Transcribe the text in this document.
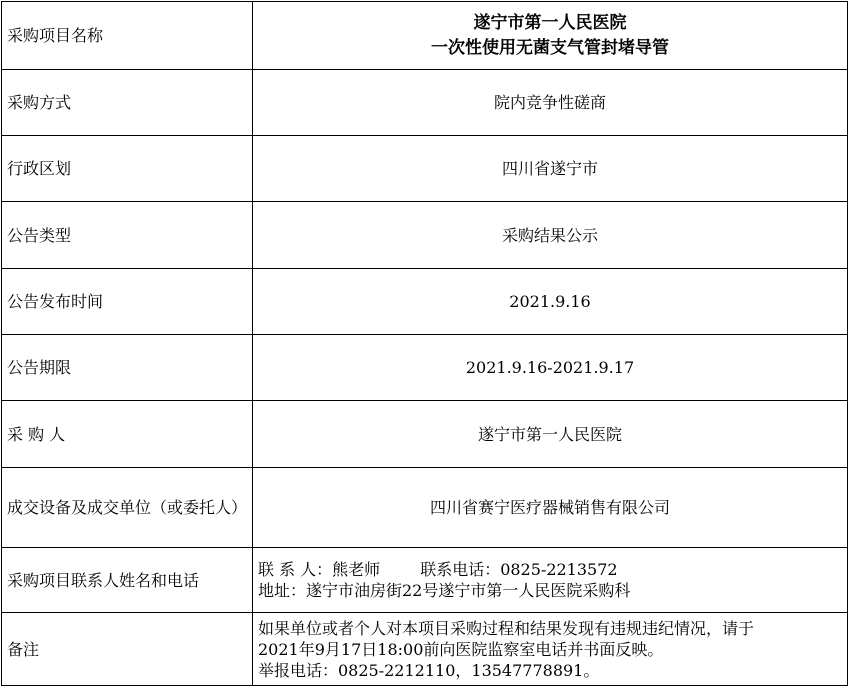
采购项目名称	遂宁市第一人民医院
一次性使用无菌支气管封堵导管

采购方式	院内竞争性磋商
行政区划	四川省遂宁市
公告类型	采购结果公示
公告发布时间	2021.9.16
公告期限	2021.9.16-2021.9.17
采 购 人	遂宁市第一人民医院
成交设备及成交单位（或委托人）	四川省赛宁医疗器械销售有限公司
采购项目联系人姓名和电话	联 系 人：熊老师 联系电话：0825-2213572
地址：遂宁市油房街22号遂宁市第一人民医院采购科

备注	如果单位或者个人对本项目采购过程和结果发现有违规违纪情况，请于
2021年9月17日18:00前向医院监察室电话并书面反映。
举报电话：0825-2212110，13547778891。
